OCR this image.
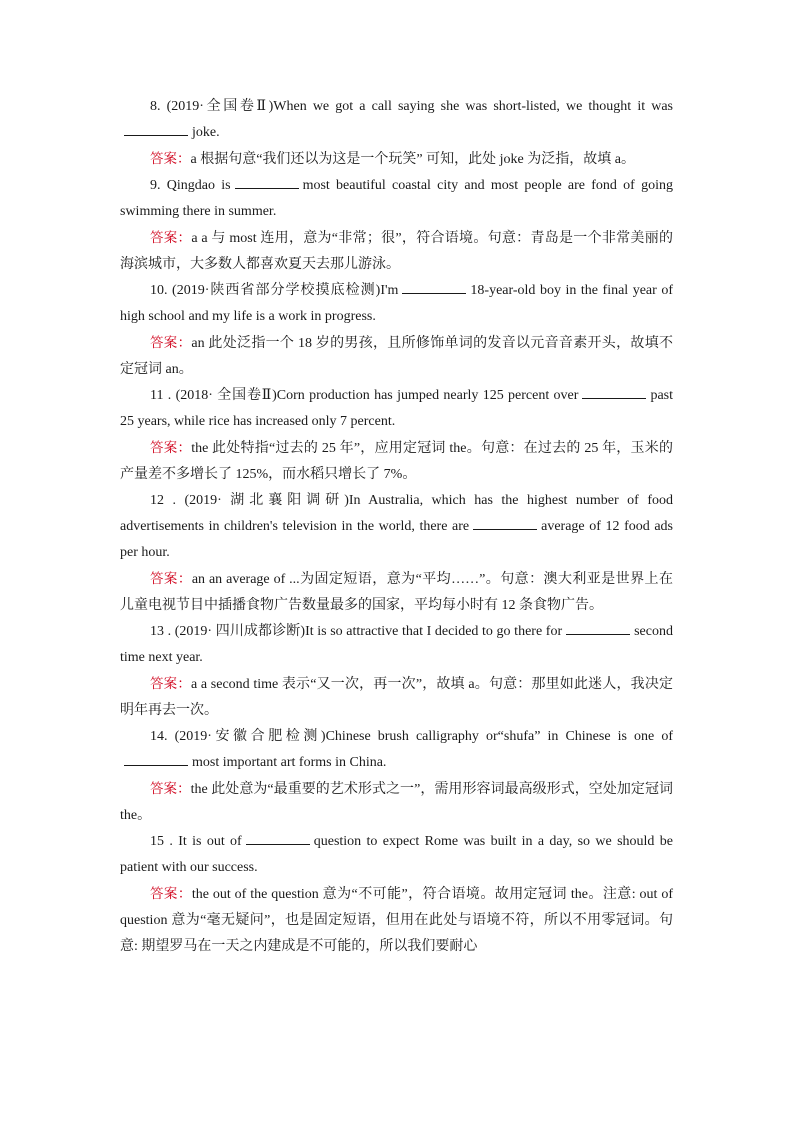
8. (2019·全国卷Ⅱ)When we got a call saying she was short-listed, we thought it wasjoke.

答案：a 根据句意“我们还以为这是一个玩笑” 可知，此处 joke 为泛指，故填 a。

9. Qingdao is	most beautiful coastal city and most people are fond of going swimming there in summer.

答案：a a 与 most 连用，意为“非常；很”，符合语境。句意：青岛是一个非常美丽的海滨城市，大多数人都喜欢夏天去那儿游泳。

10. (2019·陕西省部分学校摸底检测)I'm	18-year-old boy in the final year of high school and my life is a work in progress.

答案：an 此处泛指一个 18 岁的男孩，且所修饰单词的发音以元音音素开头，故填不定冠词 an。

11 . (2018· 全国卷Ⅱ)Corn production has jumped nearly 125 percent over	past 25 years, while rice has increased only 7 percent.

答案：the 此处特指“过去的 25 年”，应用定冠词 the。句意：在过去的 25 年，玉米的产量差不多增长了 125%，而水稻只增长了 7%。

12 . (2019· 湖北襄阳调研)In Australia, which has the highest number of food advertisements in children's television in the world, there are	average of 12 food ads per hour.

答案：an an average of ...为固定短语，意为“平均……”。句意：澳大利亚是世界上在儿童电视节目中插播食物广告数量最多的国家，平均每小时有 12 条食物广告。

13 . (2019· 四川成都诊断)It is so attractive that I decided to go there for	second time next year.

答案：a a second time 表示“又一次，再一次”，故填 a。句意：那里如此迷人，我决定明年再去一次。

14. (2019·安徽合肥检测)Chinese brush calligraphy or“shufa” in Chinese is one ofmost important art forms in China.

答案：the 此处意为“最重要的艺术形式之一”，需用形容词最高级形式，空处加定冠词 the。

15 . It is out of	question to expect Rome was built in a day, so we should be patient with our success.

答案：the out of the question 意为“不可能”，符合语境。故用定冠词 the。注意: out of question 意为“毫无疑问”，也是固定短语，但用在此处与语境不符，所以不用零冠词。句意: 期望罗马在一天之内建成是不可能的，所以我们要耐心
